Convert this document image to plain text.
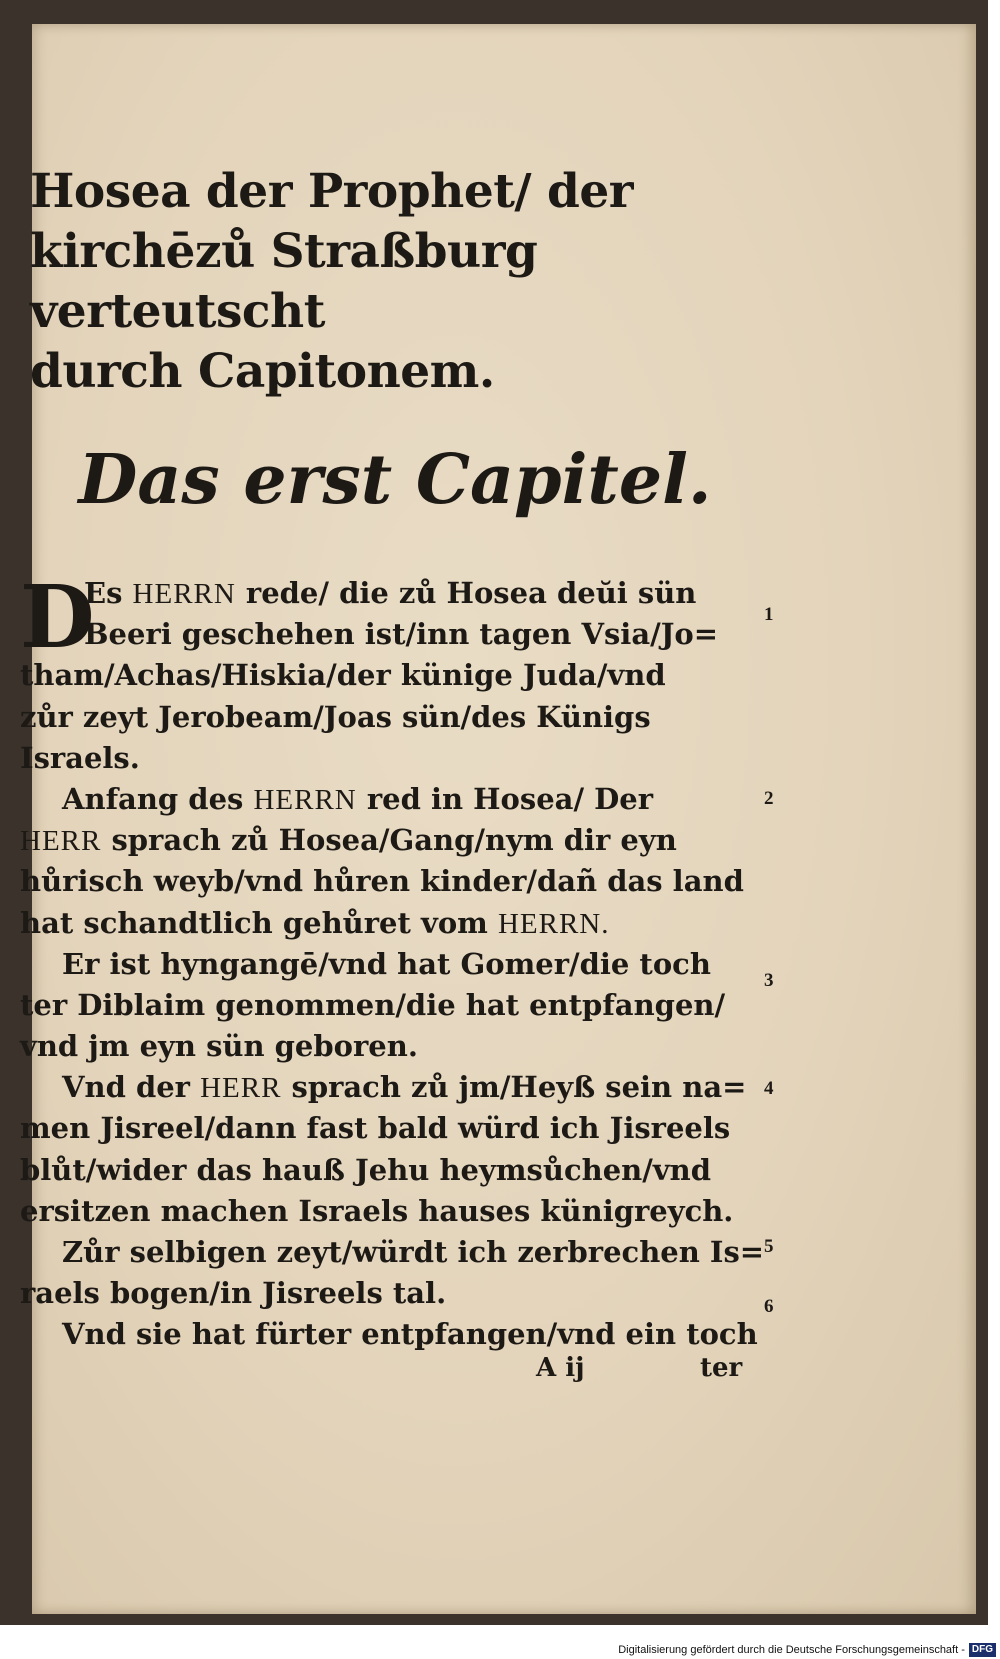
Hosea der Prophet/ der
kirchēzů Straßburg verteutscht
durch Capitonem.
Das erst Capitel.
D
Es HERRN rede/ die zů Hosea deŭi sün
Beeri geschehen ist/inn tagen Vsia/Jo=
tham/Achas/Hiskia/der künige Juda/vnd
zůr zeyt Jerobeam/Joas sün/des Künigs
Israels.
Anfang des HERRN red in Hosea/ Der
HERR sprach zů Hosea/Gang/nym dir eyn
hůrisch weyb/vnd hůren kinder/dañ das land
hat schandtlich gehůret vom HERRN.
Er ist hyngangē/vnd hat Gomer/die toch
ter Diblaim genommen/die hat entpfangen/
vnd jm eyn sün geboren.
Vnd der HERR sprach zů jm/Heyß sein na=
men Jisreel/dann fast bald würd ich Jisreels
blůt/wider das hauß Jehu heymsůchen/vnd
ersitzen machen Israels hauses künigreych.
Zůr selbigen zeyt/würdt ich zerbrechen Is=
raels bogen/in Jisreels tal.
Vnd sie hat fürter entpfangen/vnd ein toch
1
2
3
4
5
6
A ij	ter
Digitalisierung gefördert durch die Deutsche Forschungsgemeinschaft - DFG
